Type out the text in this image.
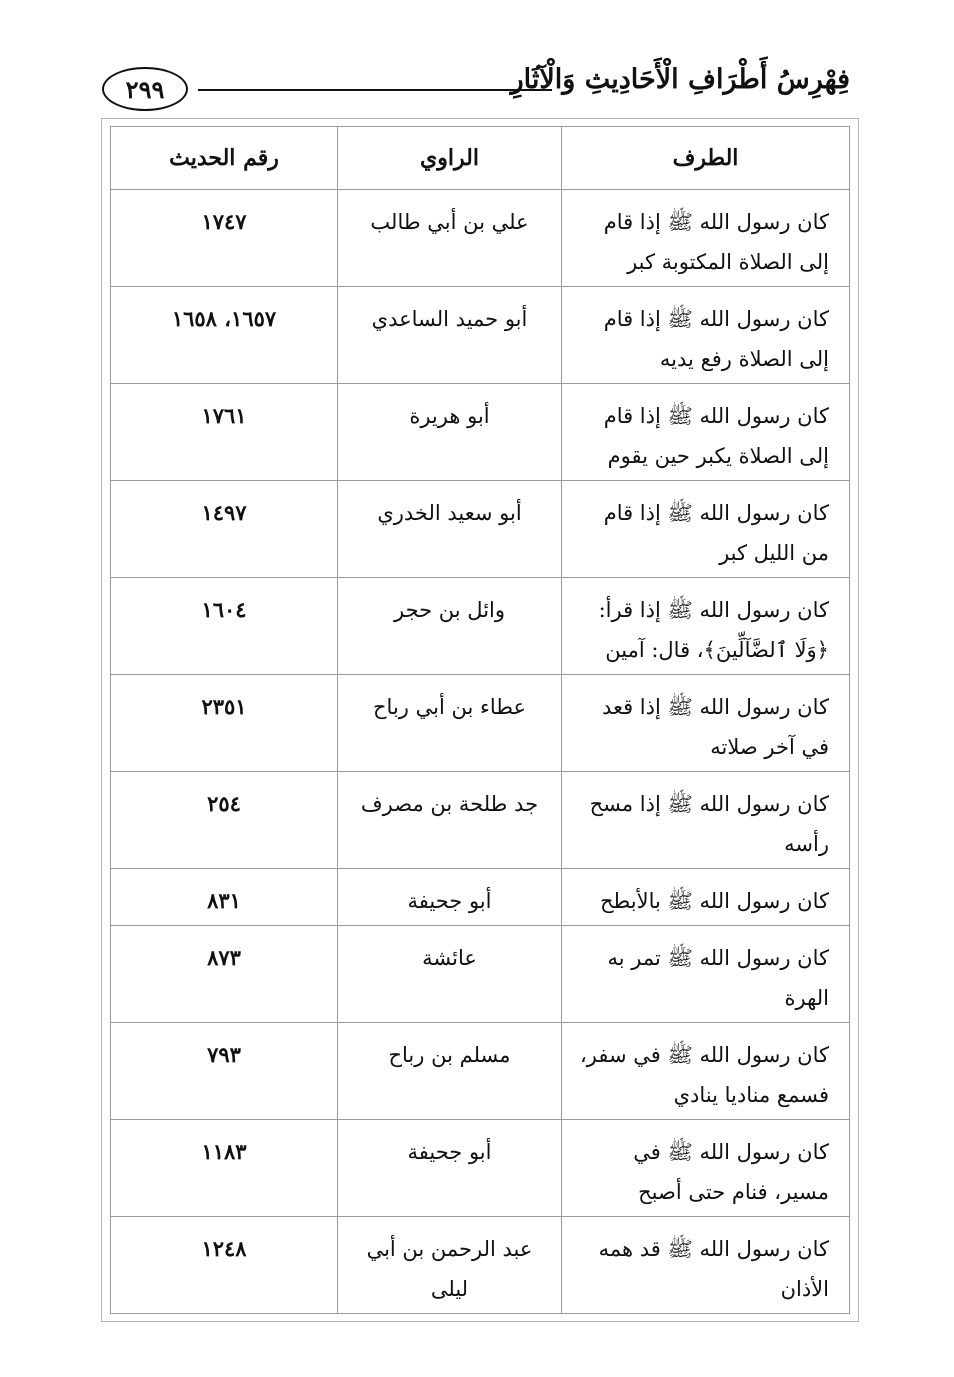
فِهْرِسُ أَطْرَافِ الْأَحَادِيثِ وَالْآثَارِ
٢٩٩
الطرف	الراوي	رقم الحديث
كان رسول الله ﷺ إذا قام إلى الصلاة المكتوبة كبر	علي بن أبي طالب	١٧٤٧
كان رسول الله ﷺ إذا قام إلى الصلاة رفع يديه	أبو حميد الساعدي	١٦٥٧، ١٦٥٨
كان رسول الله ﷺ إذا قام إلى الصلاة يكبر حين يقوم	أبو هريرة	١٧٦١
كان رسول الله ﷺ إذا قام من الليل كبر	أبو سعيد الخدري	١٤٩٧
كان رسول الله ﷺ إذا قرأ: ﴿وَلَا ٱلضَّآلِّينَ﴾، قال: آمين	وائل بن حجر	١٦٠٤
كان رسول الله ﷺ إذا قعد في آخر صلاته	عطاء بن أبي رباح	٢٣٥١
كان رسول الله ﷺ إذا مسح رأسه	جد طلحة بن مصرف	٢٥٤
كان رسول الله ﷺ بالأبطح	أبو جحيفة	٨٣١
كان رسول الله ﷺ تمر به الهرة	عائشة	٨٧٣
كان رسول الله ﷺ في سفر، فسمع مناديا ينادي	مسلم بن رباح	٧٩٣
كان رسول الله ﷺ في مسير، فنام حتى أصبح	أبو جحيفة	١١٨٣
كان رسول الله ﷺ قد همه الأذان	عبد الرحمن بن أبي ليلى	١٢٤٨
